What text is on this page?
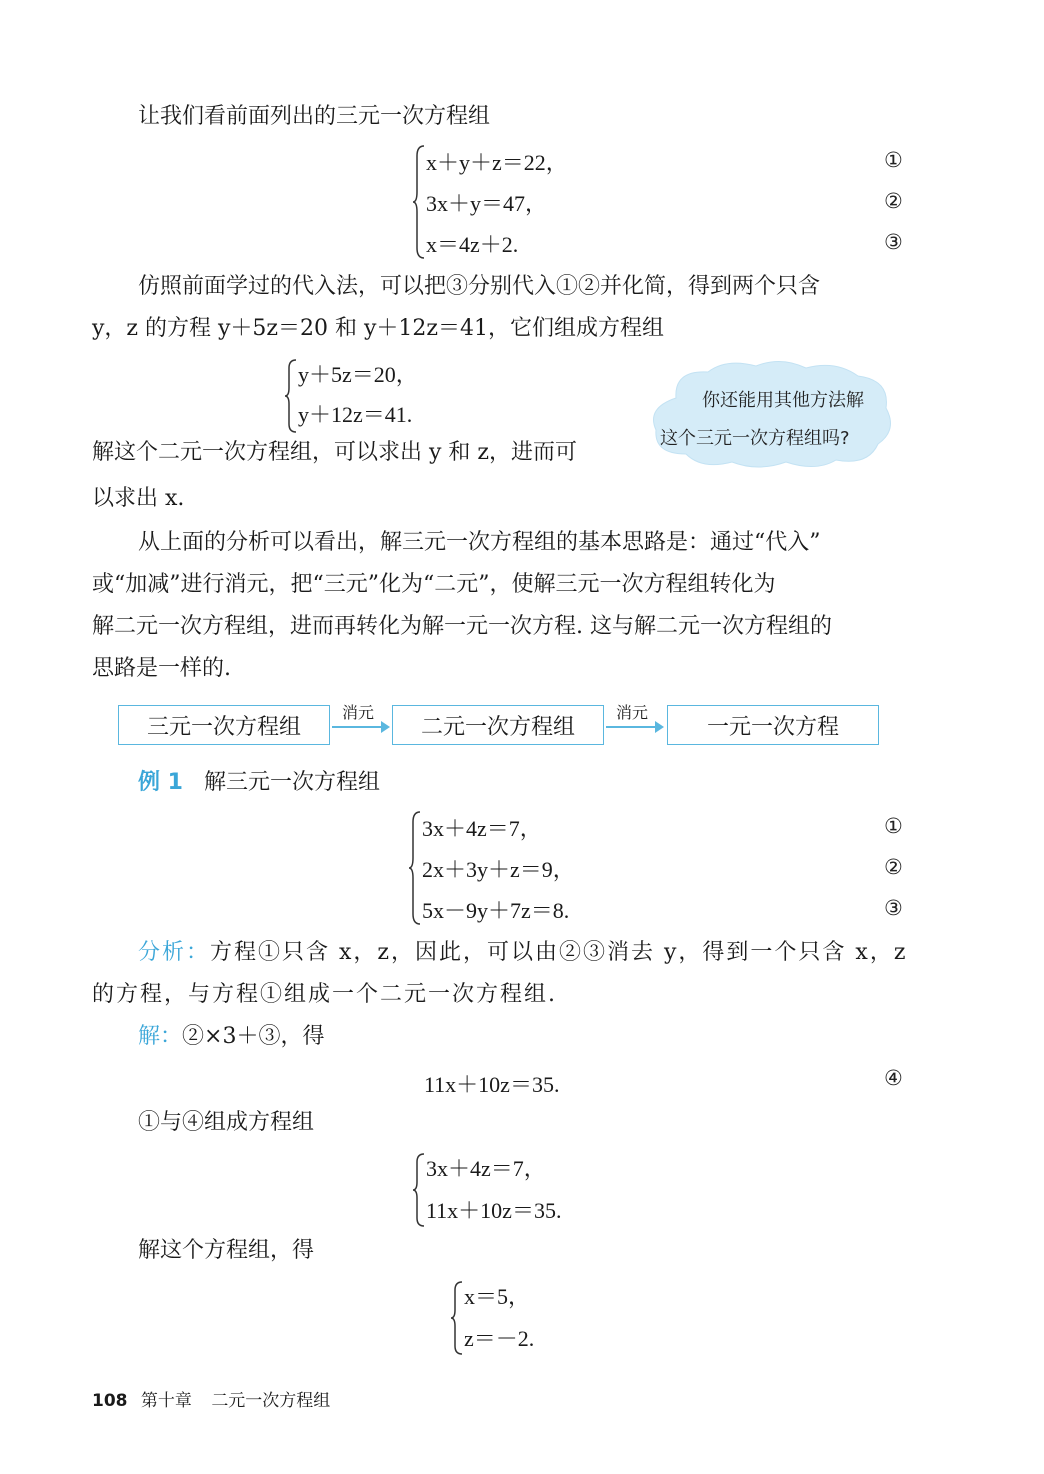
让我们看前面列出的三元一次方程组
x＋y＋z＝22，
3x＋y＝47，
x＝4z＋2.
①
②
③
仿照前面学过的代入法，可以把③分别代入①②并化简，得到两个只含
y，z 的方程 y＋5z＝20 和 y＋12z＝41，它们组成方程组
y＋5z＝20，
y＋12z＝41.
你还能用其他方法解
这个三元一次方程组吗?
解这个二元一次方程组，可以求出 y 和 z，进而可
以求出 x.
从上面的分析可以看出，解三元一次方程组的基本思路是：通过“代入”
或“加减”进行消元，把“三元”化为“二元”，使解三元一次方程组转化为
解二元一次方程组，进而再转化为解一元一次方程. 这与解二元一次方程组的
思路是一样的.
三元一次方程组
消元
二元一次方程组
消元
一元一次方程
例 1 解三元一次方程组
3x＋4z＝7，
2x＋3y＋z＝9，
5x－9y＋7z＝8.
①
②
③
分析：方程①只含 x，z，因此，可以由②③消去 y，得到一个只含 x，z
的方程，与方程①组成一个二元一次方程组.
解：②×3＋③，得
11x＋10z＝35.	④
①与④组成方程组
3x＋4z＝7，
11x＋10z＝35.
解这个方程组，得
x＝5，
z＝－2.
108 第十章 二元一次方程组
